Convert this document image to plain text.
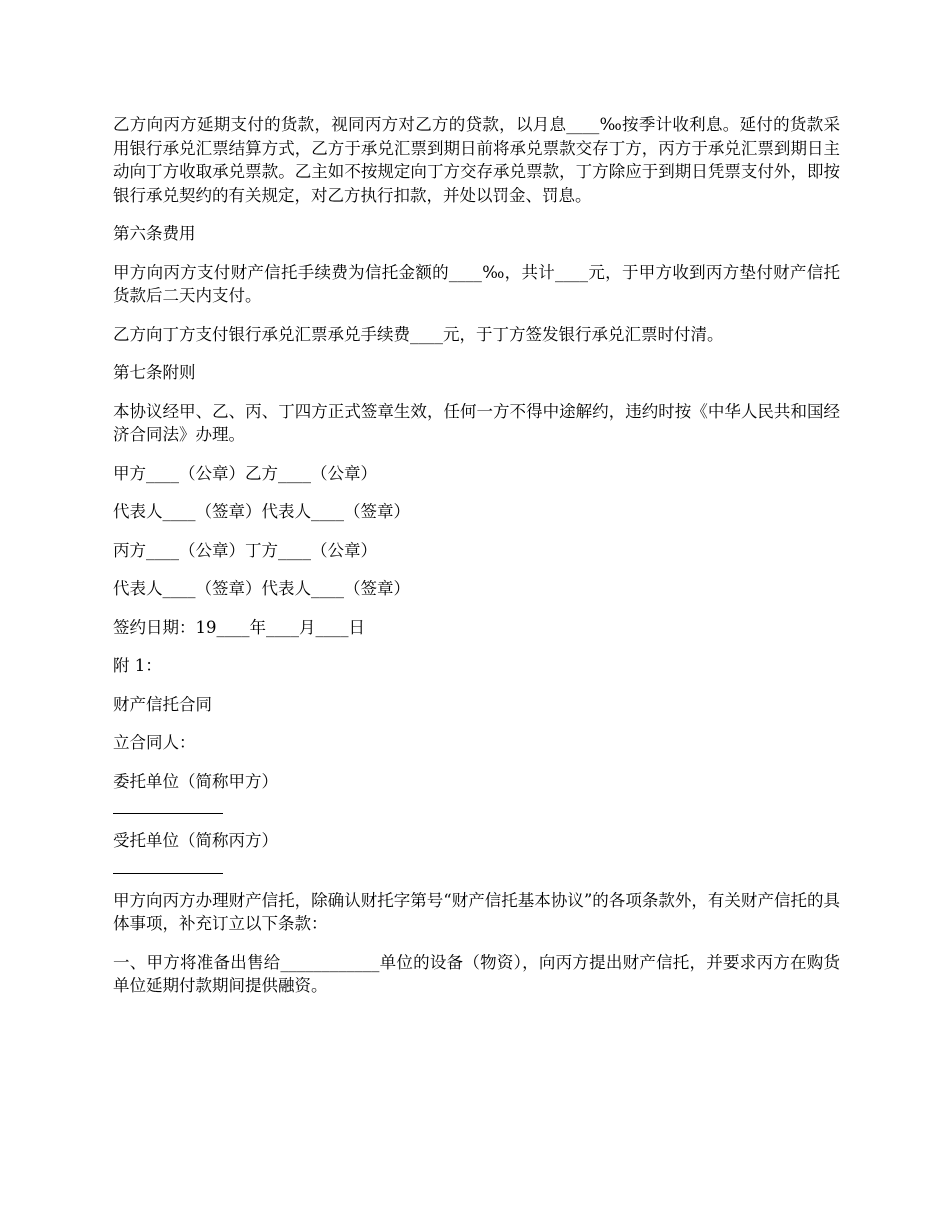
乙方向丙方延期支付的货款，视同丙方对乙方的贷款，以月息____‰按季计收利息。延付的货款采用银行承兑汇票结算方式，乙方于承兑汇票到期日前将承兑票款交存丁方，丙方于承兑汇票到期日主动向丁方收取承兑票款。乙主如不按规定向丁方交存承兑票款，丁方除应于到期日凭票支付外，即按银行承兑契约的有关规定，对乙方执行扣款，并处以罚金、罚息。

第六条费用

甲方向丙方支付财产信托手续费为信托金额的____‰，共计____元，于甲方收到丙方垫付财产信托货款后二天内支付。

乙方向丁方支付银行承兑汇票承兑手续费____元，于丁方签发银行承兑汇票时付清。

第七条附则

本协议经甲、乙、丙、丁四方正式签章生效，任何一方不得中途解约，违约时按《中华人民共和国经济合同法》办理。

甲方____（公章）乙方____（公章）

代表人____（签章）代表人____（签章）

丙方____（公章）丁方____（公章）

代表人____（签章）代表人____（签章）

签约日期：19____年____月____日

附 1：

财产信托合同

立合同人：

委托单位（简称甲方）

受托单位（简称丙方）

甲方向丙方办理财产信托，除确认财托字第号“财产信托基本协议”的各项条款外，有关财产信托的具体事项，补充订立以下条款：

一、甲方将准备出售给____________单位的设备（物资），向丙方提出财产信托，并要求丙方在购货单位延期付款期间提供融资。
